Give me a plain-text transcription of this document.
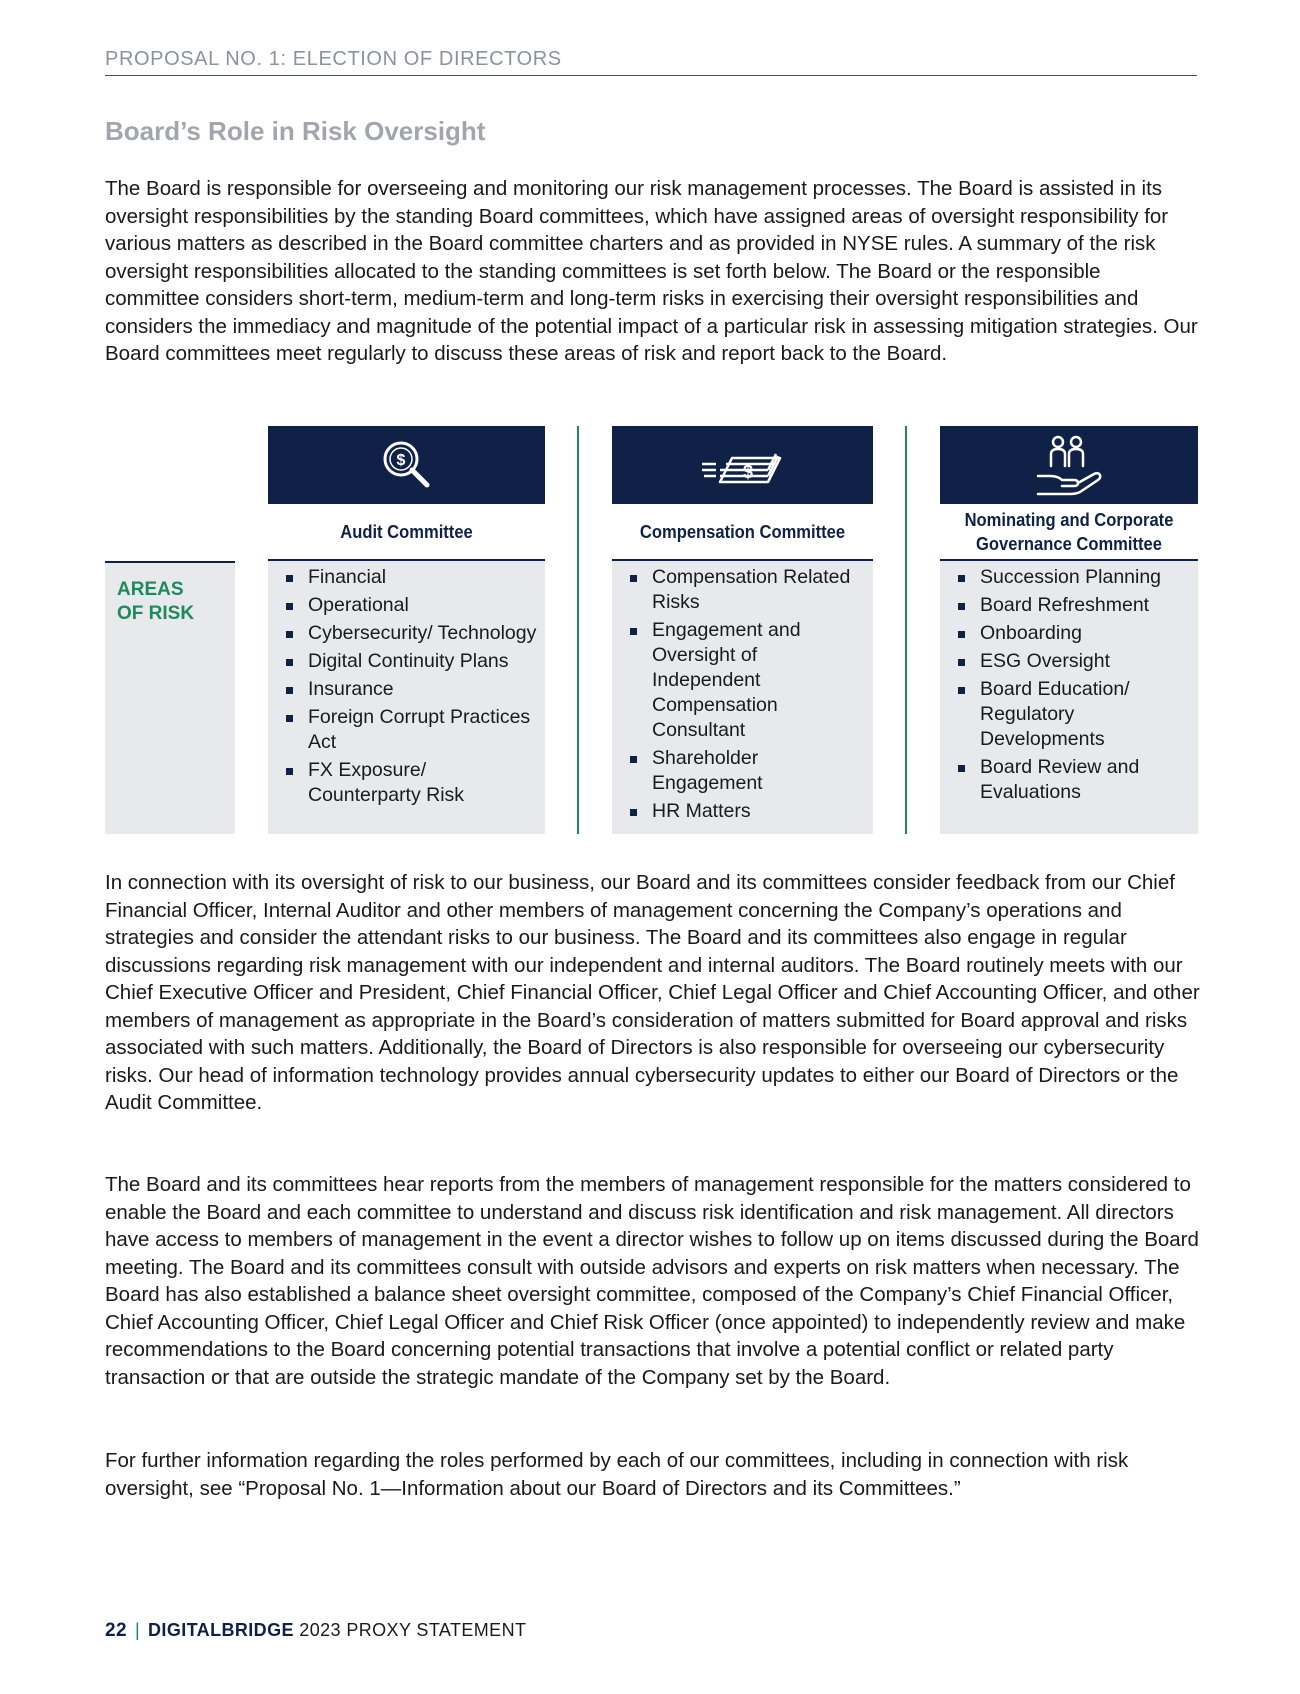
PROPOSAL NO. 1: ELECTION OF DIRECTORS
Board’s Role in Risk Oversight

The Board is responsible for overseeing and monitoring our risk management processes. The Board is assisted in its oversight responsibilities by the standing Board committees, which have assigned areas of oversight responsibility for various matters as described in the Board committee charters and as provided in NYSE rules. A summary of the risk oversight responsibilities allocated to the standing committees is set forth below. The Board or the responsible committee considers short-term, medium-term and long-term risks in exercising their oversight responsibilities and considers the immediacy and magnitude of the potential impact of a particular risk in assessing mitigation strategies. Our Board committees meet regularly to discuss these areas of risk and report back to the Board.

AREAS
OF RISK
$
Audit Committee
Financial
Operational
Cybersecurity/ Technology
Digital Continuity Plans
Insurance
Foreign Corrupt Practices Act
FX Exposure/ Counterparty Risk
$
Compensation Committee
Compensation Related Risks
Engagement and Oversight of Independent Compensation Consultant
Shareholder Engagement
HR Matters
Nominating and Corporate Governance Committee
Succession Planning
Board Refreshment
Onboarding
ESG Oversight
Board Education/ Regulatory Developments
Board Review and Evaluations

In connection with its oversight of risk to our business, our Board and its committees consider feedback from our Chief Financial Officer, Internal Auditor and other members of management concerning the Company’s operations and strategies and consider the attendant risks to our business. The Board and its committees also engage in regular discussions regarding risk management with our independent and internal auditors. The Board routinely meets with our Chief Executive Officer and President, Chief Financial Officer, Chief Legal Officer and Chief Accounting Officer, and other members of management as appropriate in the Board’s consideration of matters submitted for Board approval and risks associated with such matters. Additionally, the Board of Directors is also responsible for overseeing our cybersecurity risks. Our head of information technology provides annual cybersecurity updates to either our Board of Directors or the Audit Committee.

The Board and its committees hear reports from the members of management responsible for the matters considered to enable the Board and each committee to understand and discuss risk identification and risk management. All directors have access to members of management in the event a director wishes to follow up on items discussed during the Board meeting. The Board and its committees consult with outside advisors and experts on risk matters when necessary. The Board has also established a balance sheet oversight committee, composed of the Company’s Chief Financial Officer, Chief Accounting Officer, Chief Legal Officer and Chief Risk Officer (once appointed) to independently review and make recommendations to the Board concerning potential transactions that involve a potential conflict or related party transaction or that are outside the strategic mandate of the Company set by the Board.

For further information regarding the roles performed by each of our committees, including in connection with risk oversight, see “Proposal No. 1—Information about our Board of Directors and its Committees.”

22 | DIGITALBRIDGE 2023 PROXY STATEMENT
